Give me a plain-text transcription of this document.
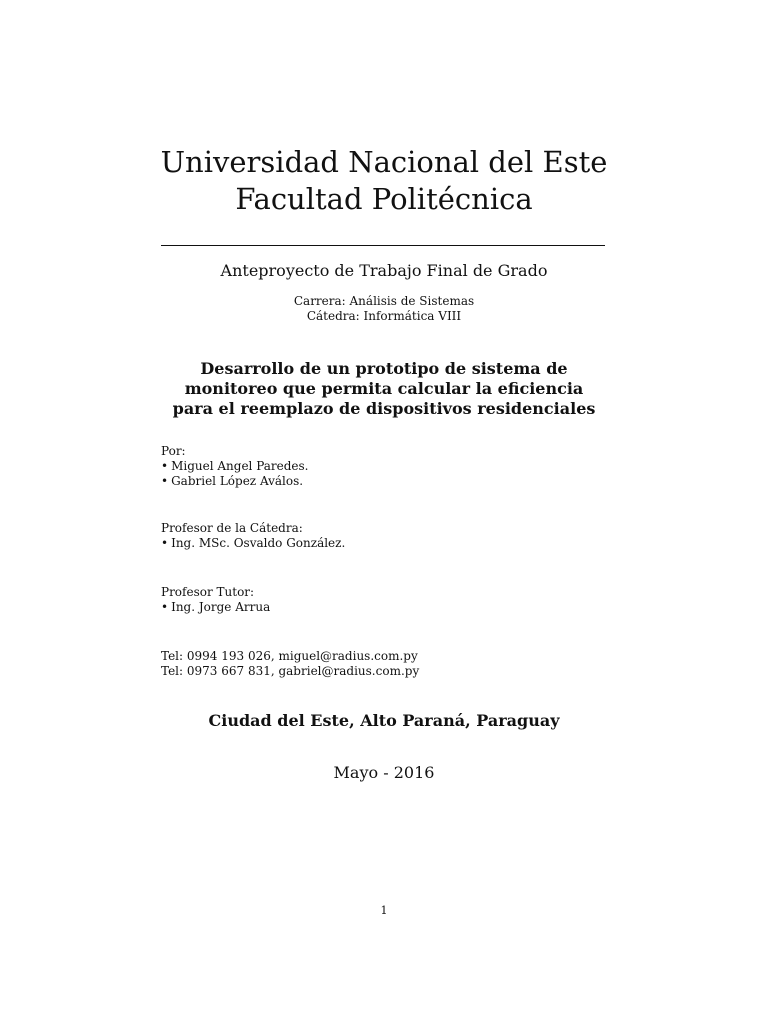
Universidad Nacional del Este
Facultad Politécnica
Anteproyecto de Trabajo Final de Grado
Carrera: Análisis de Sistemas
Cátedra: Informática VIII
Desarrollo de un prototipo de sistema de
monitoreo que permita calcular la eficiencia
para el reemplazo de dispositivos residenciales
Por:
• Miguel Angel Paredes.
• Gabriel López Aválos.
Profesor de la Cátedra:
• Ing. MSc. Osvaldo González.
Profesor Tutor:
• Ing. Jorge Arrua
Tel: 0994 193 026, miguel@radius.com.py
Tel: 0973 667 831, gabriel@radius.com.py
Ciudad del Este, Alto Paraná, Paraguay
Mayo - 2016
1
